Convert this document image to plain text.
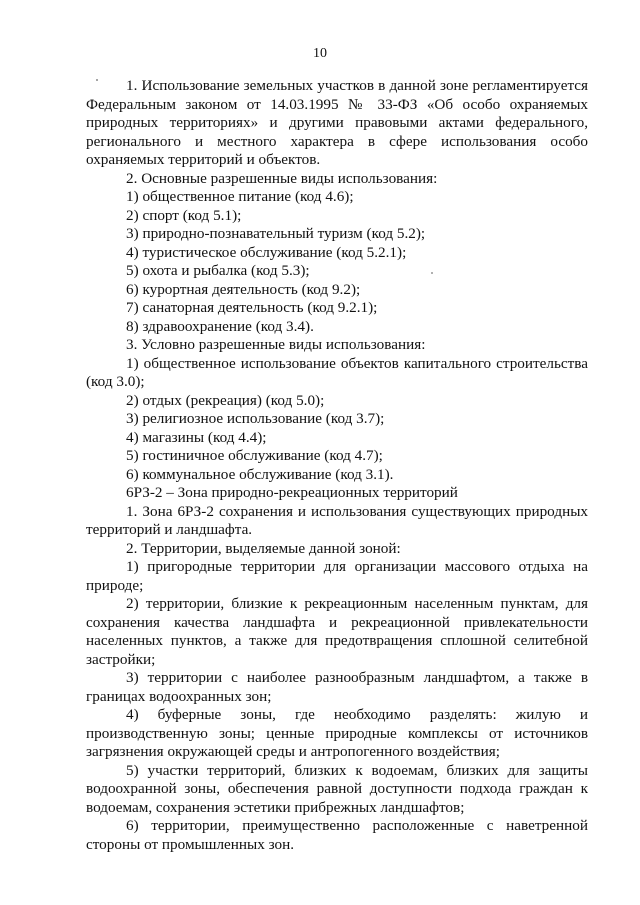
10

1. Использование земельных участков в данной зоне регламентируется Федеральным законом от 14.03.1995 № 33-ФЗ «Об особо охраняемых природных территориях» и другими правовыми актами федерального, регионального и местного характера в сфере использования особо охраняемых территорий и объектов.

2. Основные разрешенные виды использования:

1) общественное питание (код 4.6);

2) спорт (код 5.1);

3) природно-познавательный туризм (код 5.2);

4) туристическое обслуживание (код 5.2.1);

5) охота и рыбалка (код 5.3);

6) курортная деятельность (код 9.2);

7) санаторная деятельность (код 9.2.1);

8) здравоохранение (код 3.4).

3. Условно разрешенные виды использования:

1) общественное использование объектов капитального строительства (код 3.0);

2) отдых (рекреация) (код 5.0);

3) религиозное использование (код 3.7);

4) магазины (код 4.4);

5) гостиничное обслуживание (код 4.7);

6) коммунальное обслуживание (код 3.1).

6РЗ-2 – Зона природно-рекреационных территорий

1. Зона 6РЗ-2 сохранения и использования существующих природных территорий и ландшафта.

2. Территории, выделяемые данной зоной:

1) пригородные территории для организации массового отдыха на природе;

2) территории, близкие к рекреационным населенным пунктам, для сохранения качества ландшафта и рекреационной привлекательности населенных пунктов, а также для предотвращения сплошной селитебной застройки;

3) территории с наиболее разнообразным ландшафтом, а также в границах водоохранных зон;

4) буферные зоны, где необходимо разделять: жилую и производственную зоны; ценные природные комплексы от источников загрязнения окружающей среды и антропогенного воздействия;

5) участки территорий, близких к водоемам, близких для защиты водоохранной зоны, обеспечения равной доступности подхода граждан к водоемам, сохранения эстетики прибрежных ландшафтов;

6) территории, преимущественно расположенные с наветренной стороны от промышленных зон.
